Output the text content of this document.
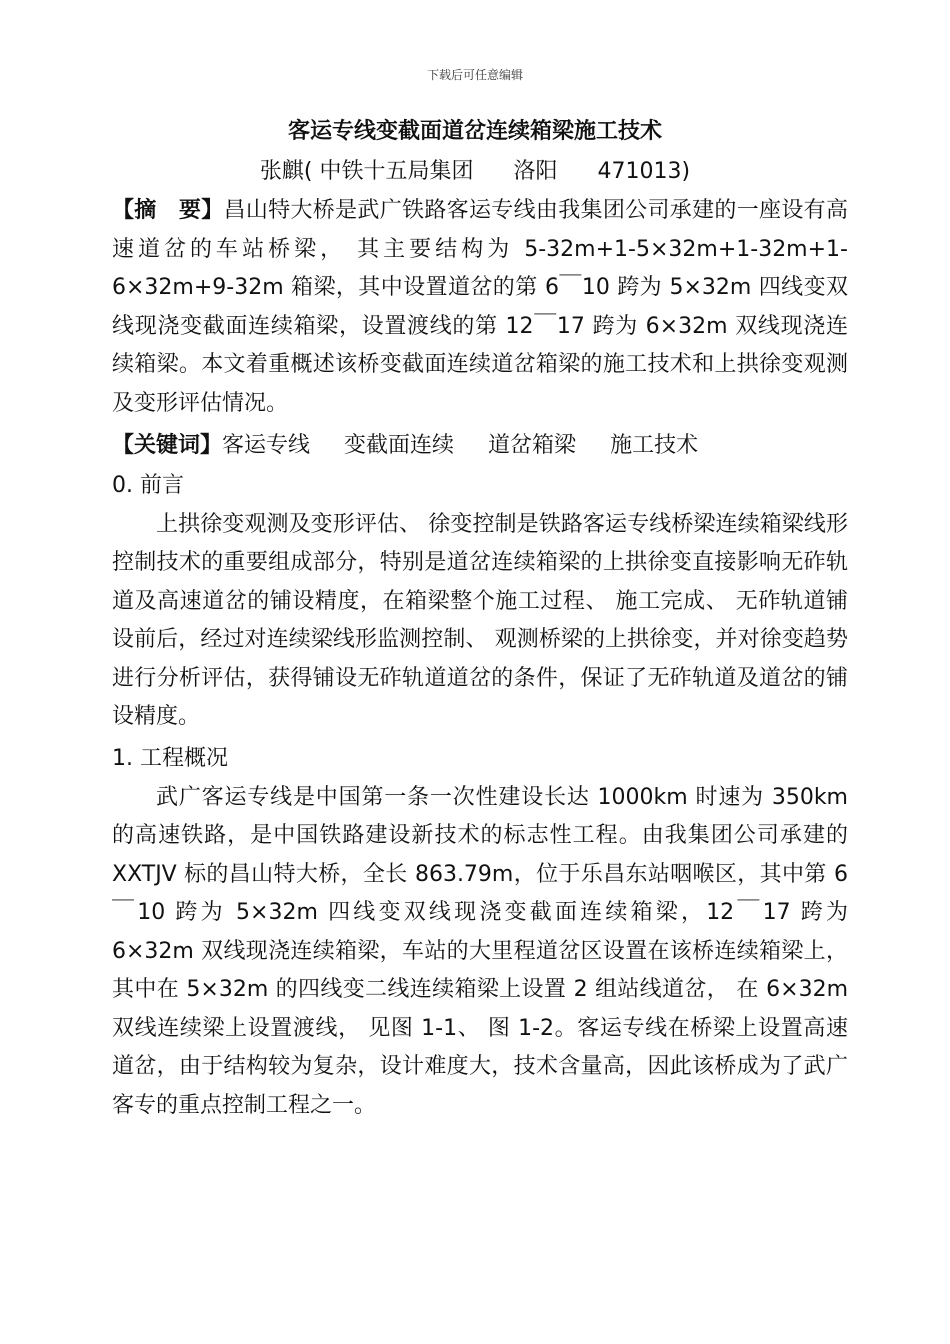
下载后可任意编辑
客运专线变截面道岔连续箱梁施工技术
张麒( 中铁十五局集团 洛阳 471013)

【摘　要】昌山特大桥是武广铁路客运专线由我集团公司承建的一座设有高速道岔的车站桥梁， 其主要结构为 5-32m+1-5×32m+1-32m+1-6×32m+9-32m 箱梁，其中设置道岔的第 6￣10 跨为 5×32m 四线变双线现浇变截面连续箱梁，设置渡线的第 12￣17 跨为 6×32m 双线现浇连续箱梁。本文着重概述该桥变截面连续道岔箱梁的施工技术和上拱徐变观测及变形评估情况。

【关键词】客运专线 变截面连续 道岔箱梁 施工技术

0. 前言

上拱徐变观测及变形评估、 徐变控制是铁路客运专线桥梁连续箱梁线形控制技术的重要组成部分，特别是道岔连续箱梁的上拱徐变直接影响无砟轨道及高速道岔的铺设精度，在箱梁整个施工过程、 施工完成、 无砟轨道铺设前后，经过对连续梁线形监测控制、 观测桥梁的上拱徐变，并对徐变趋势进行分析评估，获得铺设无砟轨道道岔的条件，保证了无砟轨道及道岔的铺设精度。

1. 工程概况

武广客运专线是中国第一条一次性建设长达 1000km 时速为 350km 的高速铁路，是中国铁路建设新技术的标志性工程。由我集团公司承建的 XXTJV 标的昌山特大桥，全长 863.79m，位于乐昌东站咽喉区，其中第 6￣10 跨为 5×32m 四线变双线现浇变截面连续箱梁，12￣17 跨为 6×32m 双线现浇连续箱梁，车站的大里程道岔区设置在该桥连续箱梁上，其中在 5×32m 的四线变二线连续箱梁上设置 2 组站线道岔， 在 6×32m 双线连续梁上设置渡线， 见图 1-1、 图 1-2。客运专线在桥梁上设置高速道岔，由于结构较为复杂，设计难度大，技术含量高，因此该桥成为了武广客专的重点控制工程之一。
